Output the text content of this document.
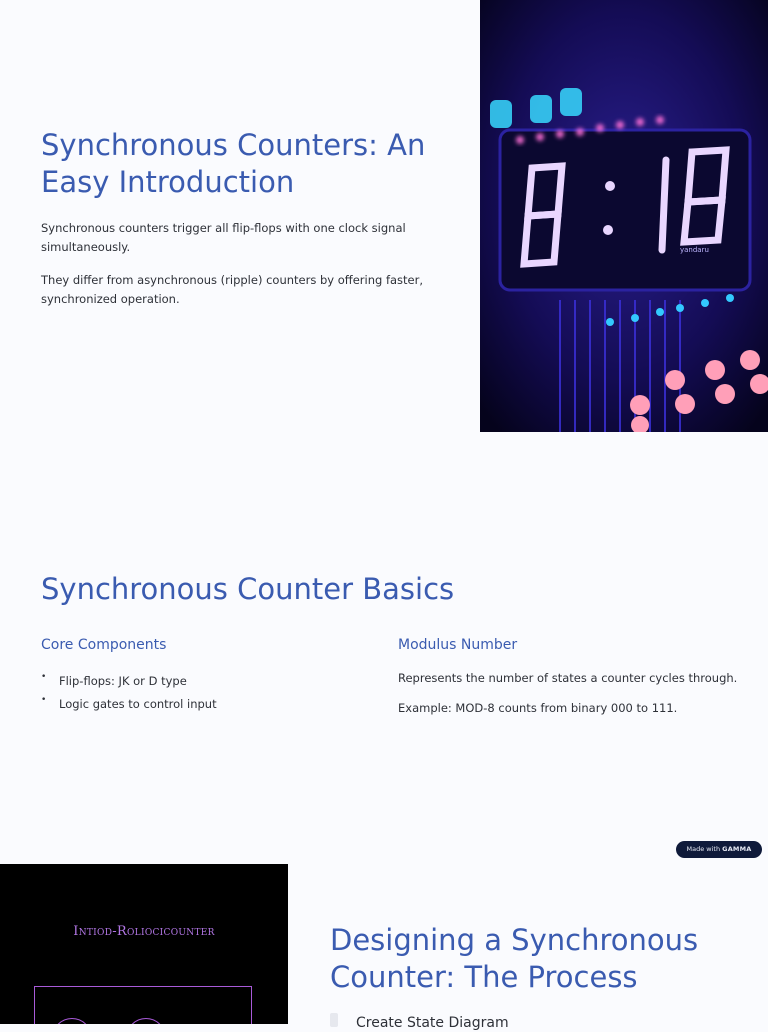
Synchronous Counters: An Easy Introduction

Synchronous counters trigger all flip-flops with one clock signal simultaneously.

They differ from asynchronous (ripple) counters by offering faster, synchronized operation.

yandaru
Synchronous Counter Basics
Core Components
• Flip-flops: JK or D type
• Logic gates to control input
Modulus Number

Represents the number of states a counter cycles through.

Example: MOD-8 counts from binary 000 to 111.

Made with GAMMA
Intiod-Roliocicounter	Designing a Synchronous Counter: The Process

Create State Diagram
